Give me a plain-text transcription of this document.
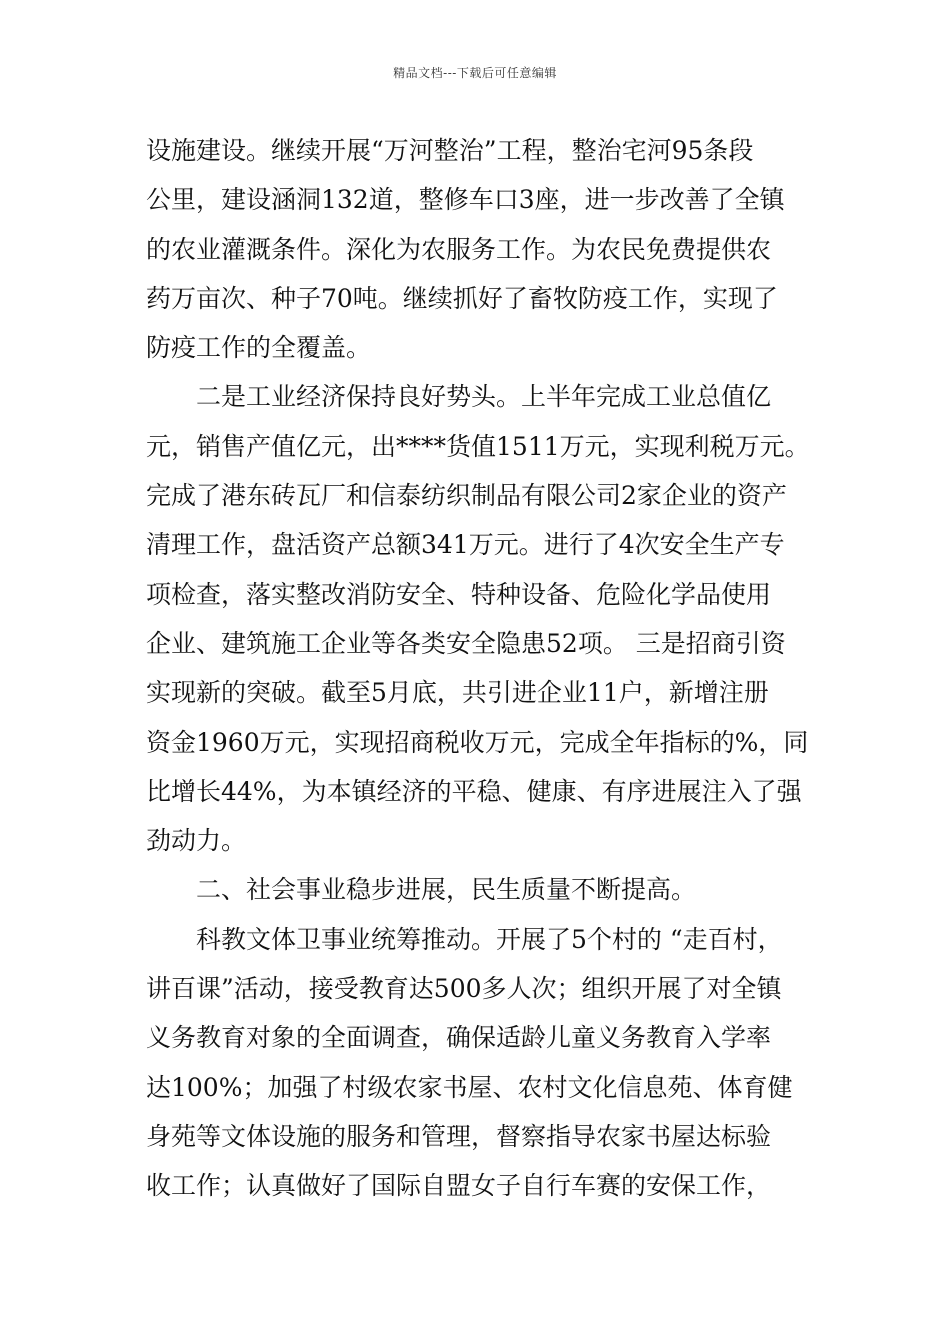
精品文档---下载后可任意编辑
设施建设。继续开展“万河整治”工程，整治宅河95条段
公里，建设涵洞132道，整修车口3座，进一步改善了全镇
的农业灌溉条件。深化为农服务工作。为农民免费提供农
药万亩次、种子70吨。继续抓好了畜牧防疫工作，实现了
防疫工作的全覆盖。
二是工业经济保持良好势头。上半年完成工业总值亿
元，销售产值亿元，出****货值1511万元，实现利税万元。
完成了港东砖瓦厂和信泰纺织制品有限公司2家企业的资产
清理工作，盘活资产总额341万元。进行了4次安全生产专
项检查，落实整改消防安全、特种设备、危险化学品使用
企业、建筑施工企业等各类安全隐患52项。 三是招商引资
实现新的突破。截至5月底，共引进企业11户，新增注册
资金1960万元，实现招商税收万元，完成全年指标的%，同
比增长44%，为本镇经济的平稳、健康、有序进展注入了强
劲动力。
二、社会事业稳步进展，民生质量不断提高。
科教文体卫事业统筹推动。开展了5个村的 “走百村，
讲百课”活动，接受教育达500多人次；组织开展了对全镇
义务教育对象的全面调查，确保适龄儿童义务教育入学率
达100%；加强了村级农家书屋、农村文化信息苑、体育健
身苑等文体设施的服务和管理，督察指导农家书屋达标验
收工作；认真做好了国际自盟女子自行车赛的安保工作，
